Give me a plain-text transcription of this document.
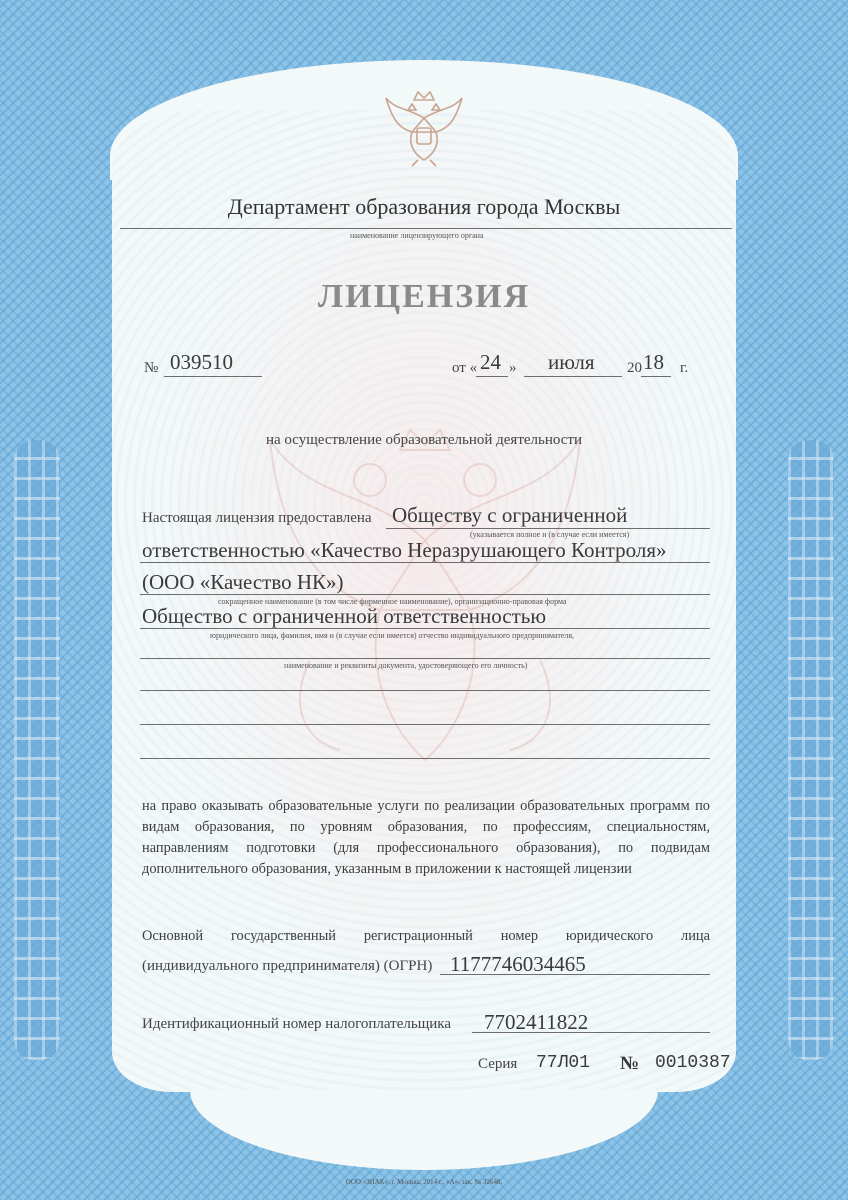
Департамент образования города Москвы
наименование лицензирующего органа
ЛИЦЕНЗИЯ
№ 039510	от « 24 » июля 20 18 г.
на осуществление образовательной деятельности
Настоящая лицензия предоставлена Обществу с ограниченной
(указывается полное и (в случае если имеется)
ответственностью «Качество Неразрушающего Контроля»
(ООО «Качество НК»)
сокращенное наименование (в том числе фирменное наименование), организационно-правовая форма
Общество с ограниченной ответственностью
юридического лица, фамилия, имя и (в случае если имеется) отчество индивидуального предпринимателя,
наименование и реквизиты документа, удостоверяющего его личность)
на право оказывать образовательные услуги по реализации образовательных программ по видам образования, по уровням образования, по профессиям, специальностям, направлениям подготовки (для профессионального образования), по подвидам дополнительного образования, указанным в приложении к настоящей лицензии
Основной государственный регистрационный номер юридического лица
(индивидуального предпринимателя) (ОГРН) 1177746034465
Идентификационный номер налогоплательщика 7702411822
Серия 77Л01 № 0010387
ООО «ЗНАК», г. Москва, 2014 г., «А», зак. № 32648.
